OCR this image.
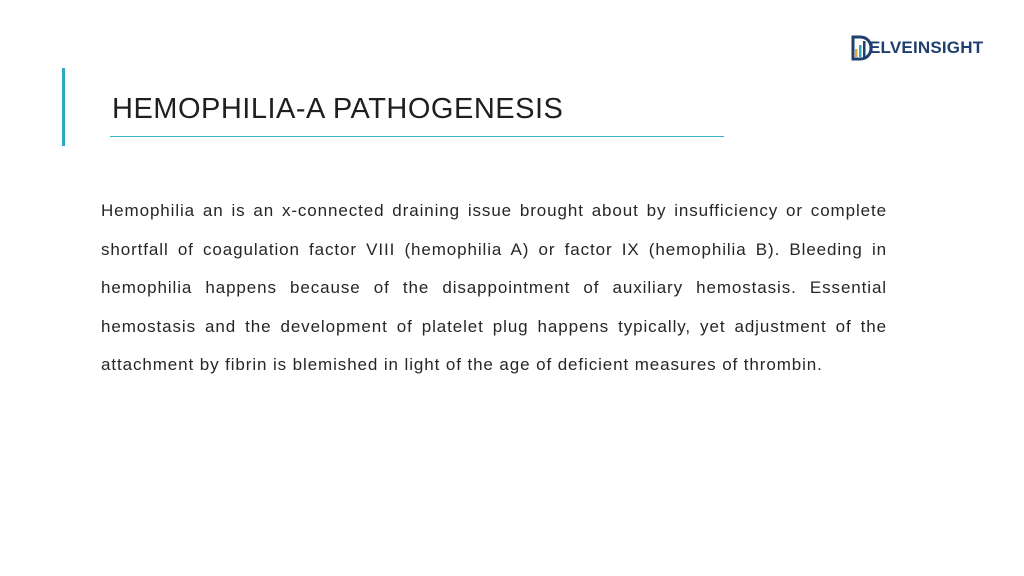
HEMOPHILIA-A PATHOGENESIS
ELVEINSIGHT

Hemophilia an is an x-connected draining issue brought about by insufficiency or complete shortfall of coagulation factor VIII (hemophilia A) or factor IX (hemophilia B). Bleeding in hemophilia happens because of the disappointment of auxiliary hemostasis. Essential hemostasis and the development of platelet plug happens typically, yet adjustment of the attachment by fibrin is blemished in light of the age of deficient measures of thrombin.
